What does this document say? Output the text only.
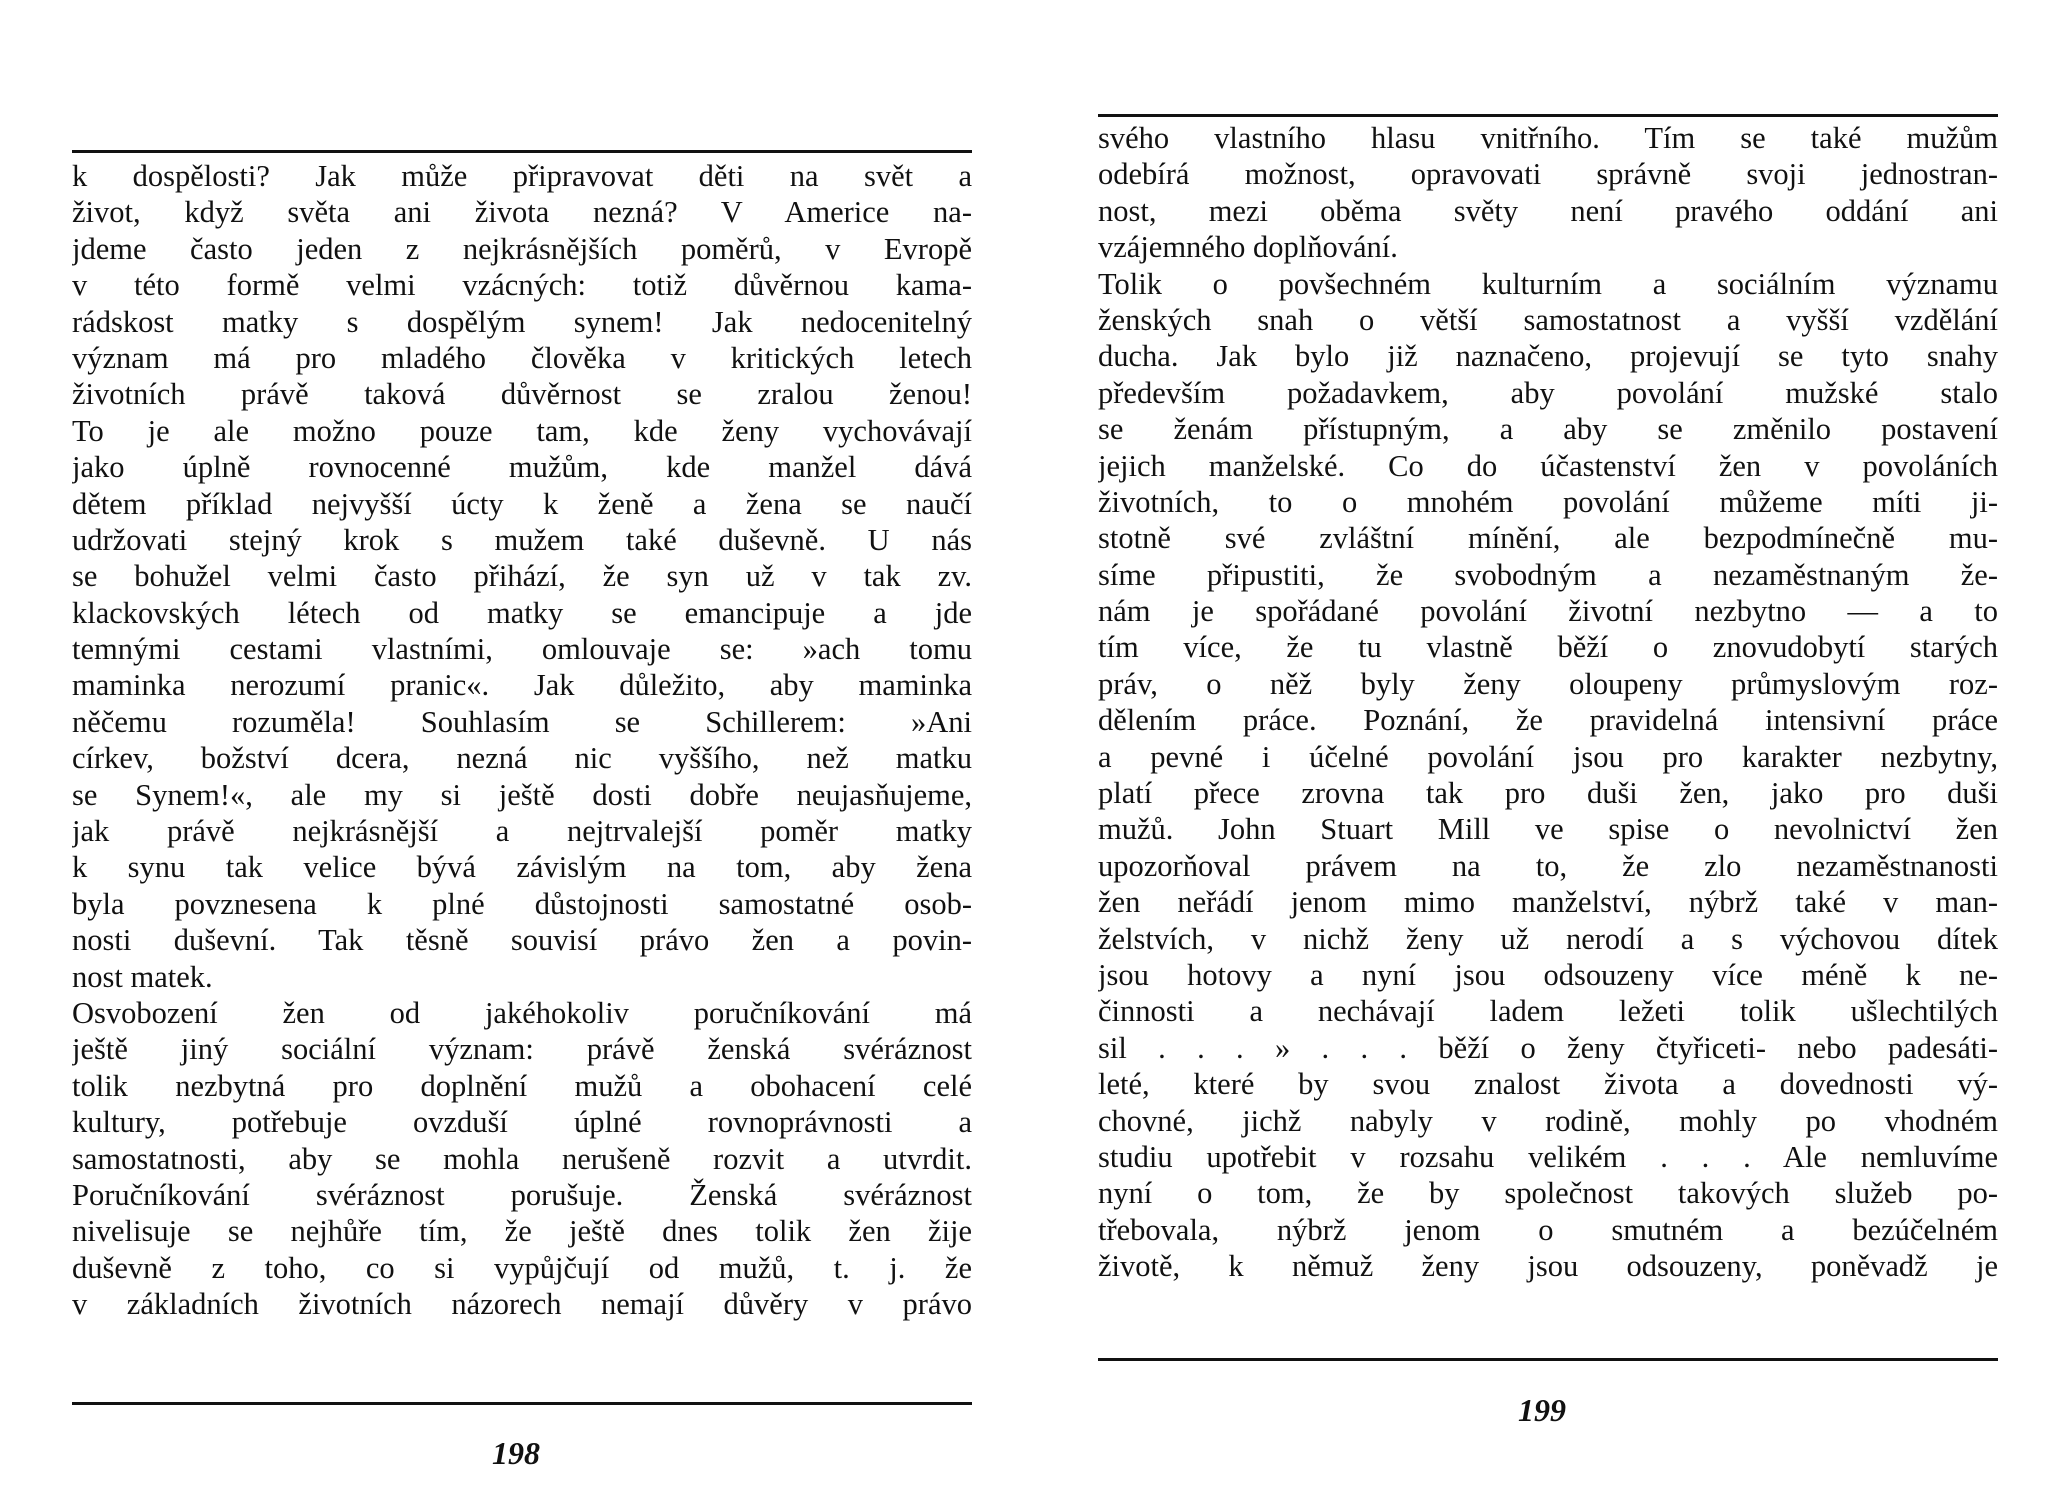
k dospělosti? Jak může připravovat děti na svět a
život, když světa ani života nezná? V Americe na-
jdeme často jeden z nejkrásnějších poměrů, v Evropě
v této formě velmi vzácných: totiž důvěrnou kama-
rádskost matky s dospělým synem! Jak nedocenitelný
význam má pro mladého člověka v kritických letech
životních právě taková důvěrnost se zralou ženou!
To je ale možno pouze tam, kde ženy vychovávají
jako úplně rovnocenné mužům, kde manžel dává
dětem příklad nejvyšší úcty k ženě a žena se naučí
udržovati stejný krok s mužem také duševně. U nás
se bohužel velmi často přihází, že syn už v tak zv.
klackovských létech od matky se emancipuje a jde
temnými cestami vlastními, omlouvaje se: »ach tomu
maminka nerozumí pranic«. Jak důležito, aby maminka
něčemu rozuměla! Souhlasím se Schillerem: »Ani
církev, božství dcera, nezná nic vyššího, než matku
se Synem!«, ale my si ještě dosti dobře neujasňujeme,
jak právě nejkrásnější a nejtrvalejší poměr matky
k synu tak velice bývá závislým na tom, aby žena
byla povznesena k plné důstojnosti samostatné osob-
nosti duševní. Tak těsně souvisí právo žen a povin-
nost matek.
Osvobození žen od jakéhokoliv poručníkování má
ještě jiný sociální význam: právě ženská svéráznost
tolik nezbytná pro doplnění mužů a obohacení celé
kultury, potřebuje ovzduší úplné rovnoprávnosti a
samostatnosti, aby se mohla nerušeně rozvit a utvrdit.
Poručníkování svéráznost porušuje. Ženská svéráznost
nivelisuje se nejhůře tím, že ještě dnes tolik žen žije
duševně z toho, co si vypůjčují od mužů, t. j. že
v základních životních názorech nemají důvěry v právo
198
svého vlastního hlasu vnitřního. Tím se také mužům
odebírá možnost, opravovati správně svoji jednostran-
nost, mezi oběma světy není pravého oddání ani
vzájemného doplňování.
Tolik o povšechném kulturním a sociálním významu
ženských snah o větší samostatnost a vyšší vzdělání
ducha. Jak bylo již naznačeno, projevují se tyto snahy
především požadavkem, aby povolání mužské stalo
se ženám přístupným, a aby se změnilo postavení
jejich manželské. Co do účastenství žen v povoláních
životních, to o mnohém povolání můžeme míti ji-
stotně své zvláštní mínění, ale bezpodmínečně mu-
síme připustiti, že svobodným a nezaměstnaným že-
nám je spořádané povolání životní nezbytno — a to
tím více, že tu vlastně běží o znovudobytí starých
práv, o něž byly ženy oloupeny průmyslovým roz-
dělením práce. Poznání, že pravidelná intensivní práce
a pevné i účelné povolání jsou pro karakter nezbytny,
platí přece zrovna tak pro duši žen, jako pro duši
mužů. John Stuart Mill ve spise o nevolnictví žen
upozorňoval právem na to, že zlo nezaměstnanosti
žen neřádí jenom mimo manželství, nýbrž také v man-
želstvích, v nichž ženy už nerodí a s výchovou dítek
jsou hotovy a nyní jsou odsouzeny více méně k ne-
činnosti a nechávají ladem ležeti tolik ušlechtilých
sil . . . » . . . běží o ženy čtyřiceti- nebo padesáti-
leté, které by svou znalost života a dovednosti vý-
chovné, jichž nabyly v rodině, mohly po vhodném
studiu upotřebit v rozsahu velikém . . . Ale nemluvíme
nyní o tom, že by společnost takových služeb po-
třebovala, nýbrž jenom o smutném a bezúčelném
životě, k němuž ženy jsou odsouzeny, poněvadž je
199
